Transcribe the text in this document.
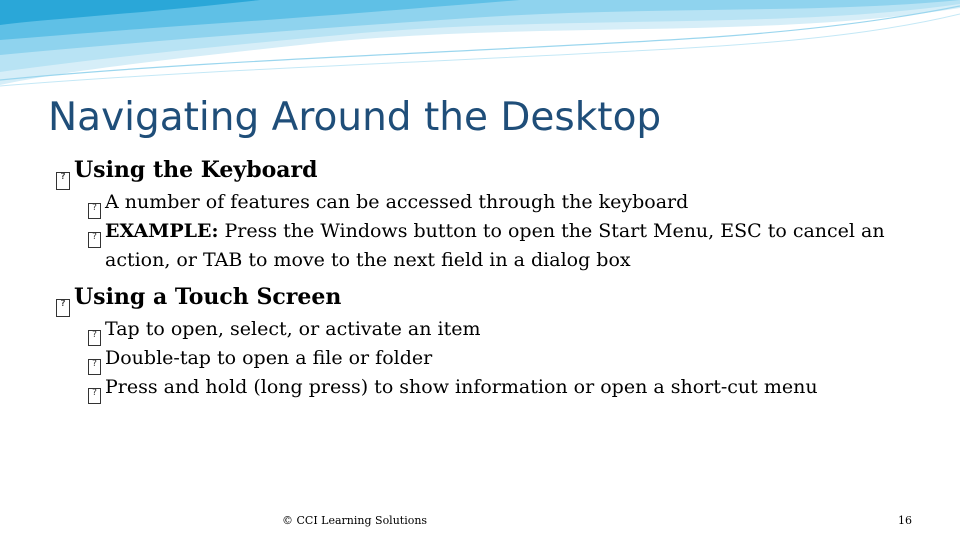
Navigating Around the Desktop
? Using the Keyboard
? A number of features can be accessed through the keyboard
? EXAMPLE: Press the Windows button to open the Start Menu, ESC to cancel an action, or TAB to move to the next field in a dialog box
? Using a Touch Screen
? Tap to open, select, or activate an item
? Double-tap to open a file or folder
? Press and hold (long press) to show information or open a short-cut menu
© CCI Learning Solutions	16
